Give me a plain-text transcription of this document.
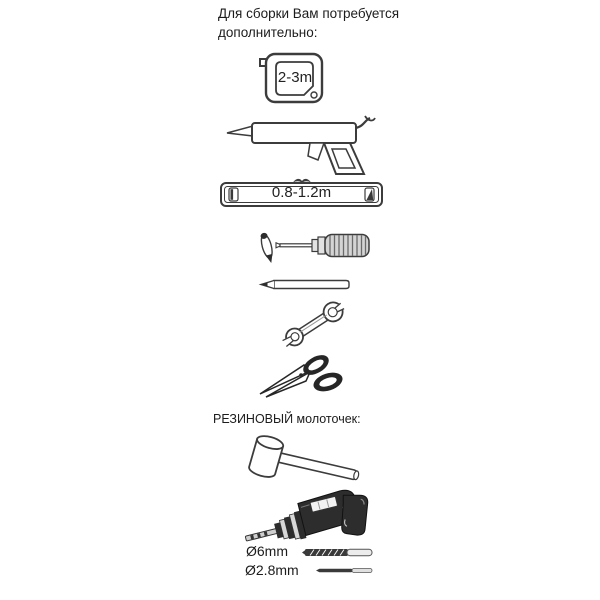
Для сборки Вам потребуется
дополнительно:
2-3m
0.8-1.2m
РЕЗИНОВЫЙ молоточек:
Ø6mm
Ø2.8mm
